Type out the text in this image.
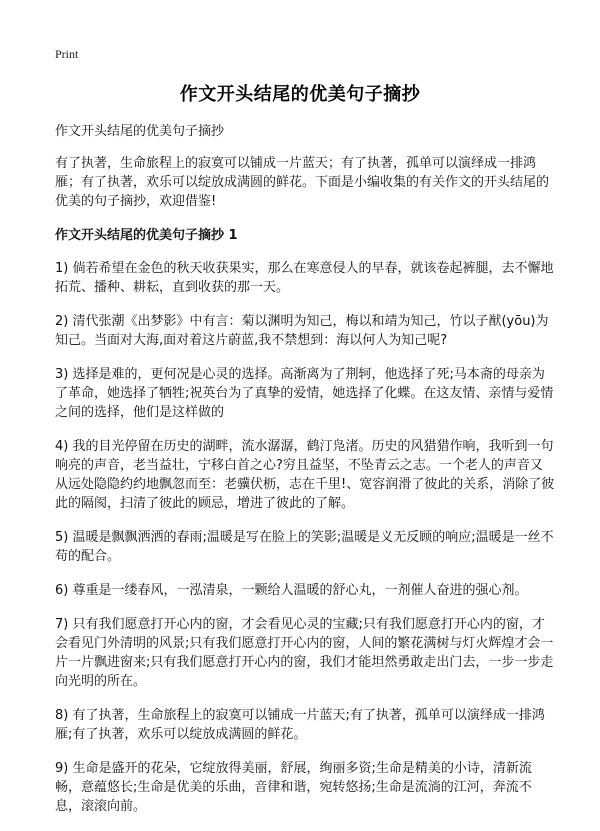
Print
作文开头结尾的优美句子摘抄

作文开头结尾的优美句子摘抄

有了执著，生命旅程上的寂寞可以铺成一片蓝天；有了执著，孤单可以演绎成一排鸿雁；有了执著，欢乐可以绽放成满圆的鲜花。下面是小编收集的有关作文的开头结尾的优美的句子摘抄，欢迎借鉴!

作文开头结尾的优美句子摘抄 1

1) 倘若希望在金色的秋天收获果实，那么在寒意侵人的早春，就该卷起裤腿，去不懈地拓荒、播种、耕耘，直到收获的那一天。

2) 清代张潮《出梦影》中有言：菊以渊明为知己，梅以和靖为知己，竹以子猷(yōu)为知己。当面对大海,面对着这片蔚蓝,我不禁想到：海以何人为知己呢?

3) 选择是难的，更何况是心灵的选择。高渐离为了荆轲，他选择了死;马本斋的母亲为了革命，她选择了牺牲;祝英台为了真挚的爱情，她选择了化蝶。在这友情、亲情与爱情之间的选择，他们是这样做的

4) 我的目光停留在历史的湖畔，流水潺潺，鹤汀凫渚。历史的风猎猎作响，我听到一句响亮的声音，老当益壮，宁移白首之心?穷且益坚，不坠青云之志。一个老人的声音又从远处隐隐约约地飘忽而至：老骥伏枥，志在千里!、宽容润滑了彼此的关系，消除了彼此的隔阂，扫清了彼此的顾忌，增进了彼此的了解。

5) 温暖是飘飘洒洒的春雨;温暖是写在脸上的笑影;温暖是义无反顾的响应;温暖是一丝不苟的配合。

6) 尊重是一缕春风，一泓清泉，一颗给人温暖的舒心丸，一剂催人奋进的强心剂。

7) 只有我们愿意打开心内的窗，才会看见心灵的宝藏;只有我们愿意打开心内的窗，才会看见门外清明的风景;只有我们愿意打开心内的窗，人间的繁花满树与灯火辉煌才会一片一片飘进窗来;只有我们愿意打开心内的窗，我们才能坦然勇敢走出门去，一步一步走向光明的所在。

8) 有了执著，生命旅程上的寂寞可以铺成一片蓝天;有了执著，孤单可以演绎成一排鸿雁;有了执著，欢乐可以绽放成满圆的鲜花。

9) 生命是盛开的花朵，它绽放得美丽，舒展，绚丽多资;生命是精美的小诗，清新流畅，意蕴悠长;生命是优美的乐曲，音律和谐，宛转悠扬;生命是流淌的江河，奔流不息，滚滚向前。
